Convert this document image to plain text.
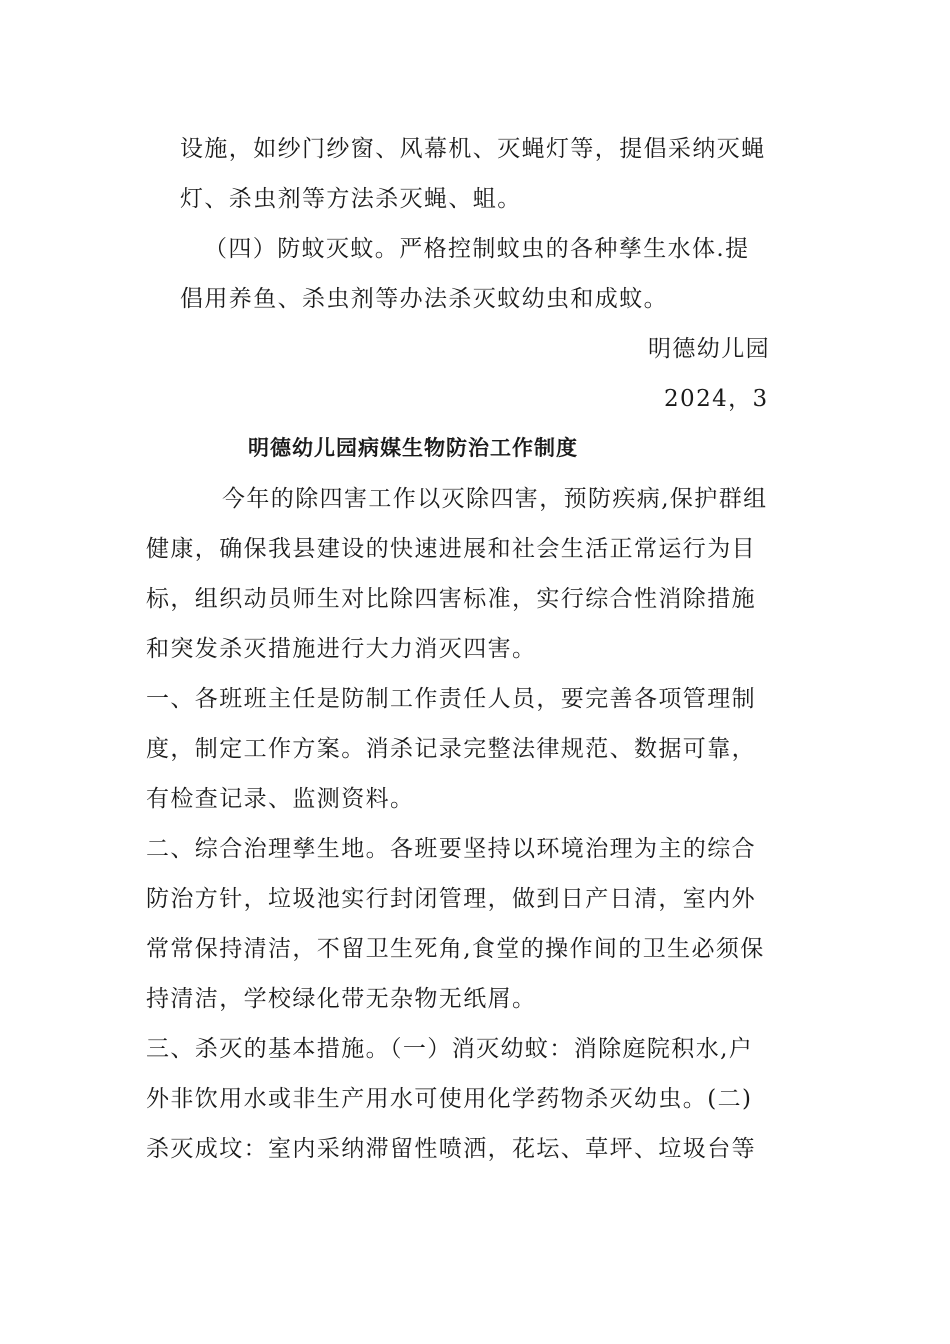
设施，如纱门纱窗、风幕机、灭蝇灯等，提倡采纳灭蝇
灯、杀虫剂等方法杀灭蝇、蛆。
（四）防蚊灭蚊。严格控制蚊虫的各种孳生水体.提
倡用养鱼、杀虫剂等办法杀灭蚊幼虫和成蚊。
明德幼儿园
2024，3
明德幼儿园病媒生物防治工作制度
今年的除四害工作以灭除四害，预防疾病,保护群组
健康，确保我县建设的快速进展和社会生活正常运行为目
标，组织动员师生对比除四害标准，实行综合性消除措施
和突发杀灭措施进行大力消灭四害。
一、各班班主任是防制工作责任人员，要完善各项管理制
度，制定工作方案。消杀记录完整法律规范、数据可靠，
有检查记录、监测资料。
二、综合治理孳生地。各班要坚持以环境治理为主的综合
防治方针，垃圾池实行封闭管理，做到日产日清，室内外
常常保持清洁，不留卫生死角,食堂的操作间的卫生必须保
持清洁，学校绿化带无杂物无纸屑。
三、杀灭的基本措施。（一）消灭幼蚊：消除庭院积水,户
外非饮用水或非生产用水可使用化学药物杀灭幼虫。(二)
杀灭成坟：室内采纳滞留性喷洒，花坛、草坪、垃圾台等
